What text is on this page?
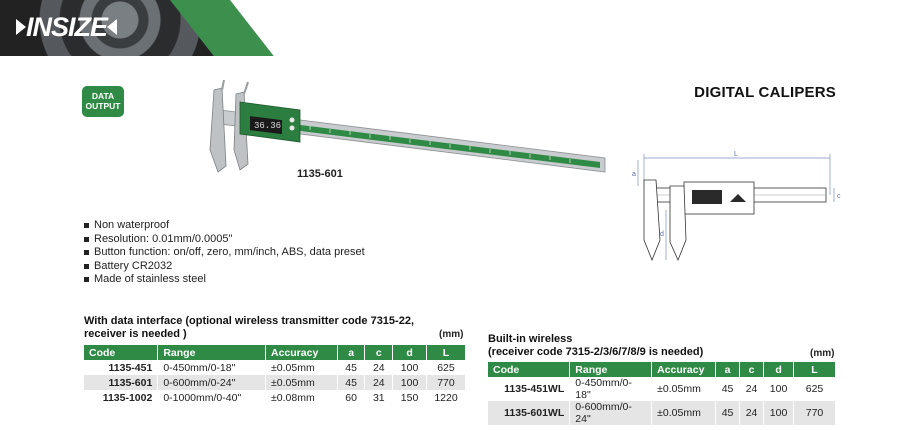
INSIZE
DATA
OUTPUT
DIGITAL CALIPERS
36.36
1135-601
L
d
a
c
Non waterproof
Resolution: 0.01mm/0.0005"
Button function: on/off, zero, mm/inch, ABS, data preset
Battery CR2032
Made of stainless steel
With data interface (optional wireless transmitter code 7315-22,
receiver is needed )	(mm)
Code	Range	Accuracy	a	c	d	L
1135-451	0-450mm/0-18"	±0.05mm	45	24	100	625
1135-601	0-600mm/0-24"	±0.05mm	45	24	100	770
1135-1002	0-1000mm/0-40"	±0.08mm	60	31	150	1220
Built-in wireless
(receiver code 7315-2/3/6/7/8/9 is needed)	(mm)
Code	Range	Accuracy	a	c	d	L
1135-451WL	0-450mm/0-18"	±0.05mm	45	24	100	625
1135-601WL	0-600mm/0-24"	±0.05mm	45	24	100	770
